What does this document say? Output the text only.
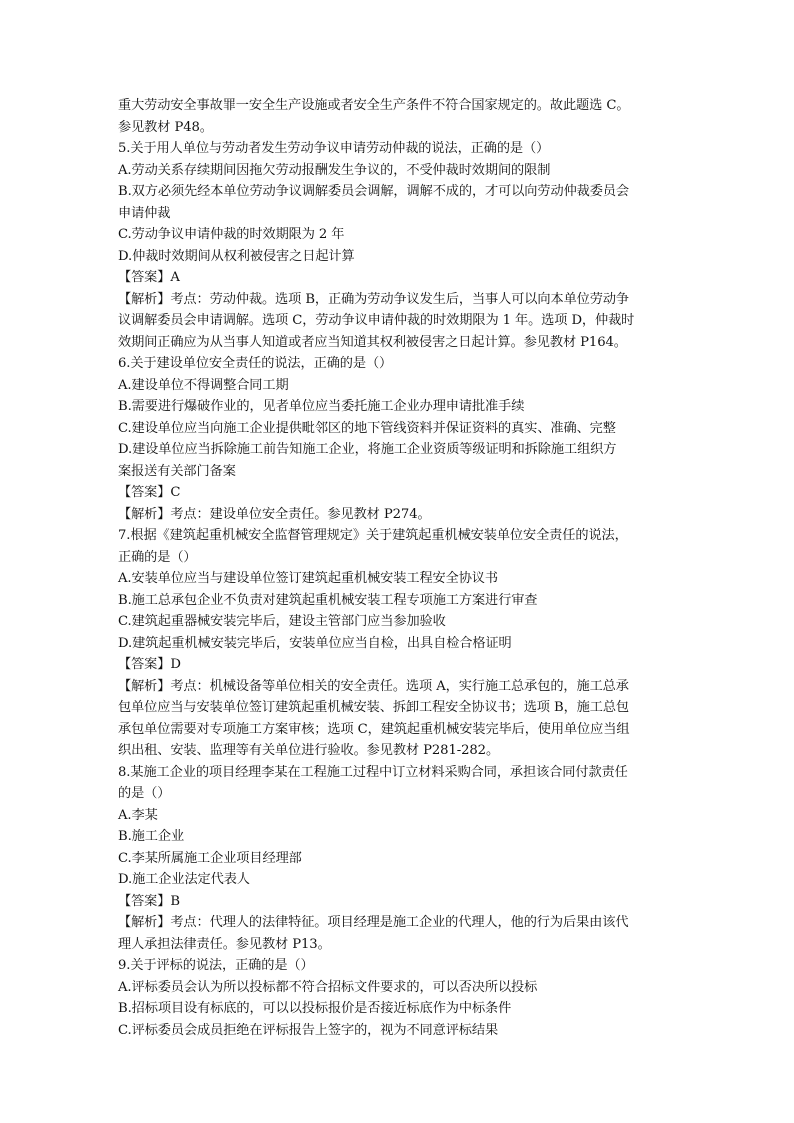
重大劳动安全事故罪一安全生产设施或者安全生产条件不符合国家规定的。故此题选 C。
参见教材 P48。
5.关于用人单位与劳动者发生劳动争议申请劳动仲裁的说法，正确的是（）
A.劳动关系存续期间因拖欠劳动报酬发生争议的，不受仲裁时效期间的限制
B.双方必须先经本单位劳动争议调解委员会调解，调解不成的，才可以向劳动仲裁委员会
申请仲裁
C.劳动争议申请仲裁的时效期限为 2 年
D.仲裁时效期间从权利被侵害之日起计算
【答案】A
【解析】考点：劳动仲裁。选项 B，正确为劳动争议发生后，当事人可以向本单位劳动争
议调解委员会申请调解。选项 C，劳动争议申请仲裁的时效期限为 1 年。选项 D，仲裁时
效期间正确应为从当事人知道或者应当知道其权利被侵害之日起计算。参见教材 P164。
6.关于建设单位安全责任的说法，正确的是（）
A.建设单位不得调整合同工期
B.需要进行爆破作业的，见者单位应当委托施工企业办理申请批准手续
C.建设单位应当向施工企业提供毗邻区的地下管线资料并保证资料的真实、准确、完整
D.建设单位应当拆除施工前告知施工企业，将施工企业资质等级证明和拆除施工组织方
案报送有关部门备案
【答案】C
【解析】考点：建设单位安全责任。参见教材 P274。
7.根据《建筑起重机械安全监督管理规定》关于建筑起重机械安装单位安全责任的说法，
正确的是（）
A.安装单位应当与建设单位签订建筑起重机械安装工程安全协议书
B.施工总承包企业不负责对建筑起重机械安装工程专项施工方案进行审查
C.建筑起重器械安装完毕后，建设主管部门应当参加验收
D.建筑起重机械安装完毕后，安装单位应当自检，出具自检合格证明
【答案】D
【解析】考点：机械设备等单位相关的安全责任。选项 A，实行施工总承包的，施工总承
包单位应当与安装单位签订建筑起重机械安装、拆卸工程安全协议书；选项 B，施工总包
承包单位需要对专项施工方案审核；选项 C，建筑起重机械安装完毕后，使用单位应当组
织出租、安装、监理等有关单位进行验收。参见教材 P281-282。
8.某施工企业的项目经理李某在工程施工过程中订立材料采购合同，承担该合同付款责任
的是（）
A.李某
B.施工企业
C.李某所属施工企业项目经理部
D.施工企业法定代表人
【答案】B
【解析】考点：代理人的法律特征。项目经理是施工企业的代理人，他的行为后果由该代
理人承担法律责任。参见教材 P13。
9.关于评标的说法，正确的是（）
A.评标委员会认为所以投标都不符合招标文件要求的，可以否决所以投标
B.招标项目设有标底的，可以以投标报价是否接近标底作为中标条件
C.评标委员会成员拒绝在评标报告上签字的，视为不同意评标结果
